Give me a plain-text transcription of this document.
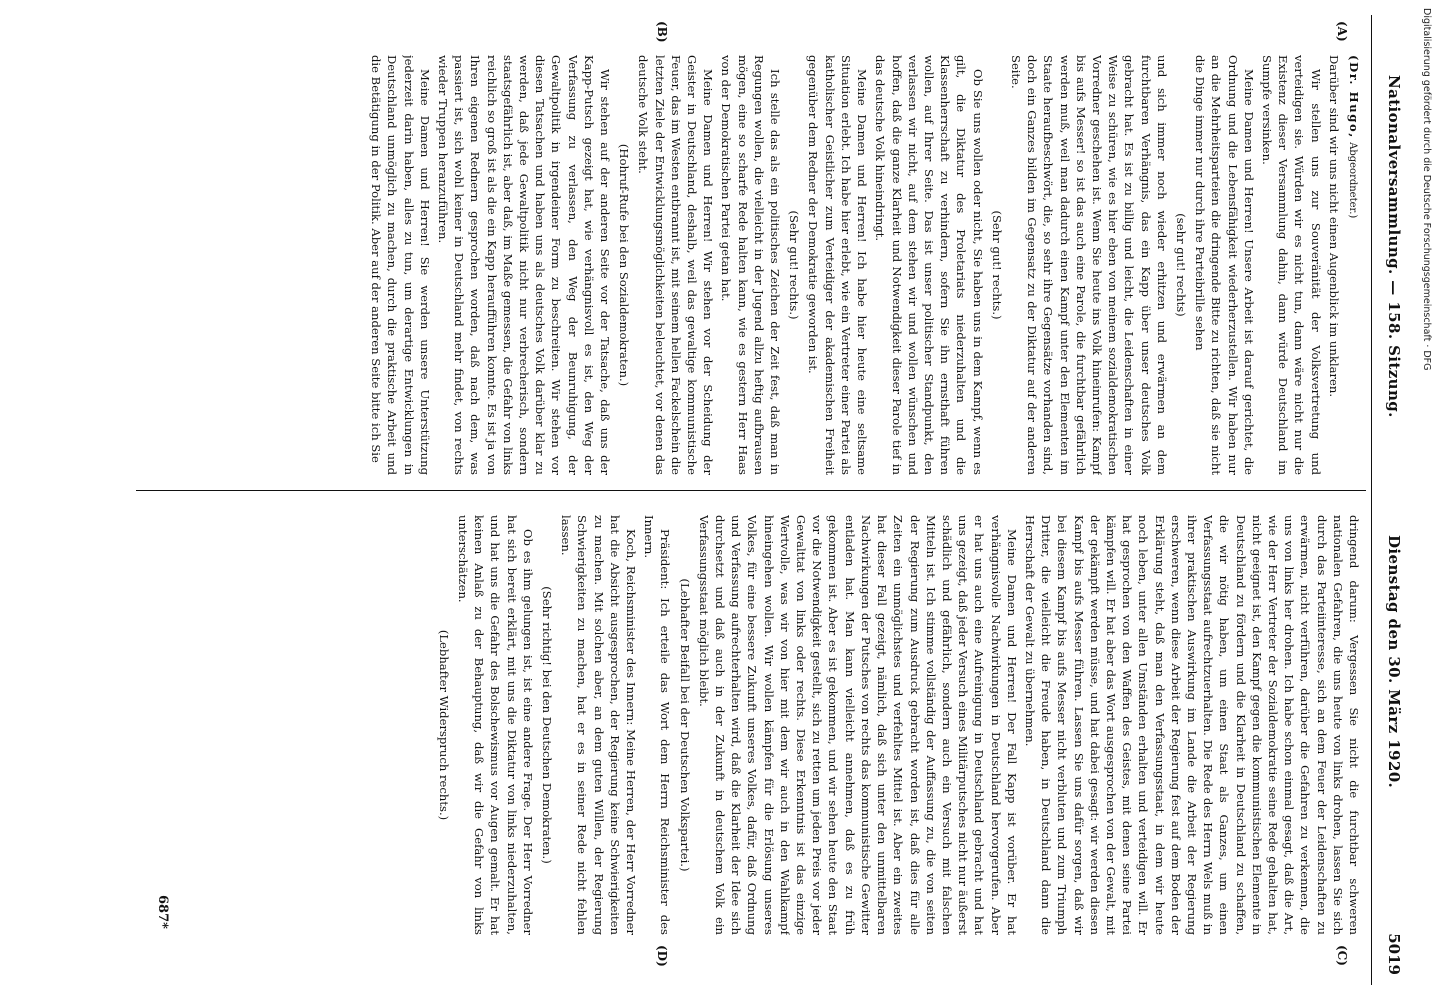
Nationalversammlung. — 158. Sitzung.
Dienstag den 30. März 1920.
5019
(A)
(B)
(C)
(D)

(Dr. Hugo, Abgeordneter.)

Darüber sind wir uns nicht einen Augenblick im unklaren.

Wir stellen uns zur Souveränität der Volksvertretung und verteidigen sie. Würden wir es nicht tun, dann wäre nicht nur die Existenz dieser Versammlung dahin, dann würde Deutschland im Sumpfe versinken.

Meine Damen und Herren! Unsere Arbeit ist darauf gerichtet, die Ordnung und die Lebensfähigkeit wiederherzustellen. Wir haben nur an die Mehrheitsparteien die dringende Bitte zu richten, daß sie nicht die Dinge immer nur durch ihre Parteibrille sehen

(sehr gut! rechts)

und sich immer noch wieder erhitzen und erwärmen an dem furchtbaren Verhängnis, das ein Kapp über unser deutsches Volk gebracht hat. Es ist zu billig und leicht, die Leidenschaften in einer Weise zu schüren, wie es hier eben von meinem sozialdemokratischen Vorredner geschehen ist. Wenn Sie heute ins Volk hineinrufen: Kampf bis aufs Messer! so ist das auch eine Parole, die furchtbar gefährlich werden muß, weil man dadurch einen Kampf unter den Elementen im Staate heraufbeschwört, die, so sehr ihre Gegensätze vorhanden sind, doch ein Ganzes bilden im Gegensatz zu der Diktatur auf der anderen Seite.

(Sehr gut! rechts.)

Ob Sie uns wollen oder nicht, Sie haben uns in dem Kampf, wenn es gilt, die Diktatur des Proletariats niederzuhalten und die Klassenherrschaft zu verhindern, sofern Sie ihn ernsthaft führen wollen, auf Ihrer Seite. Das ist unser politischer Standpunkt, den verlassen wir nicht, auf dem stehen wir und wollen wünschen und hoffen, daß die ganze Klarheit und Notwendigkeit dieser Parole tief in das deutsche Volk hineindringt.

Meine Damen und Herren! Ich habe hier heute eine seltsame Situation erlebt. Ich habe hier erlebt, wie ein Vertreter einer Partei als katholischer Geistlicher zum Verteidiger der akademischen Freiheit gegenüber dem Redner der Demokratie geworden ist.

(Sehr gut! rechts.)

Ich stelle das als ein politisches Zeichen der Zeit fest, daß man in Regungen wollen, die vielleicht in der Jugend allzu heftig aufbrausen mögen, eine so scharfe Rede halten kann, wie es gestern Herr Haas von der Demokratischen Partei getan hat.

Meine Damen und Herren! Wir stehen vor der Scheidung der Geister in Deutschland, deshalb, weil das gewaltige kommunistische Feuer, das im Westen entbrannt ist, mit seinem hellen Fackelschein die letzten Ziele der Entwicklungsmöglichkeiten beleuchtet, vor denen das deutsche Volk steht.

(Hohruf-Rufe bei den Sozialdemokraten.)

Wir stehen auf der anderen Seite vor der Tatsache, daß uns der Kapp-Putsch gezeigt hat, wie verhängnisvoll es ist, den Weg der Verfassung zu verlassen, den Weg der Beunruhigung, der Gewaltpolitik in irgendeiner Form zu beschreiten. Wir stehen vor diesen Tatsachen und haben uns als deutsches Volk darüber klar zu werden, daß jede Gewaltpolitik nicht nur verbrecherisch, sondern staatsgefährlich ist, aber daß, im Maße gemessen, die Gefahr von links reichlich so groß ist als die ein Kapp heraufführen konnte. Es ist ja von Ihren eigenen Rednern gesprochen worden, daß nach dem, was passiert ist, sich wohl keiner in Deutschland mehr findet, von rechts wieder Truppen heranzuführen.

Meine Damen und Herren! Sie werden unsere Unterstützung jederzeit darin haben, alles zu tun, um derartige Entwicklungen in Deutschland unmöglich zu machen, durch die praktische Arbeit und die Betätigung in der Politik. Aber auf der anderen Seite bitte ich Sie

dringend darum: Vergessen Sie nicht die furchtbar schweren nationalen Gefahren, die uns heute von links drohen, lassen Sie sich durch das Parteiinteresse, sich an dem Feuer der Leidenschaften zu erwärmen, nicht verführen, darüber die Gefahren zu verkennen, die uns von links her drohen. Ich habe schon einmal gesagt, daß die Art, wie der Herr Vertreter der Sozialdemokratie seine Rede gehalten hat, nicht geeignet ist, den Kampf gegen die kommunistischen Elemente in Deutschland zu fördern und die Klarheit in Deutschland zu schaffen, die wir nötig haben, um einen Staat als Ganzes, um einen Verfassungsstaat aufrechtzuerhalten. Die Rede des Herrn Wels muß in ihrer praktischen Auswirkung im Lande die Arbeit der Regierung erschweren, wenn diese Arbeit der Regierung fest auf dem Boden der Erklärung steht, daß man den Verfassungsstaat, in dem wir heute noch leben, unter allen Umständen erhalten und verteidigen will. Er hat gesprochen von den Waffen des Geistes, mit denen seine Partei kämpfen will. Er hat aber das Wort ausgesprochen von der Gewalt, mit der gekämpft werden müsse, und hat dabei gesagt: wir werden diesen Kampf bis aufs Messer führen. Lassen Sie uns dafür sorgen, daß wir bei diesem Kampf bis aufs Messer nicht verbluten und zum Triumph Dritter, die vielleicht die Freude haben, in Deutschland dann die Herrschaft der Gewalt zu übernehmen.

Meine Damen und Herren! Der Fall Kapp ist vorüber. Er hat verhängnisvolle Nachwirkungen in Deutschland hervorgerufen. Aber er hat uns auch eine Aufreinigung in Deutschland gebracht und hat uns gezeigt, daß jeder Versuch eines Militärputsches nicht nur äußerst schädlich und gefährlich, sondern auch ein Versuch mit falschen Mitteln ist. Ich stimme vollständig der Auffassung zu, die von seiten der Regierung zum Ausdruck gebracht worden ist, daß dies für alle Zeiten ein unmöglichstes und verfehltes Mittel ist. Aber ein zweites hat dieser Fall gezeigt, nämlich, daß sich unter den unmittelbaren Nachwirkungen der Putsches von rechts das kommunistische Gewitter entladen hat. Man kann vielleicht annehmen, daß es zu früh gekommen ist. Aber es ist gekommen, und wir sehen heute den Staat vor die Notwendigkeit gestellt, sich zu retten um jeden Preis vor jeder Gewalttat von links oder rechts. Diese Erkenntnis ist das einzige Wertvolle, was wir von hier mit dem wir auch in den Wahlkampf hineingehen wollen. Wir wollen kämpfen für die Erlösung unseres Volkes, für eine bessere Zukunft unseres Volkes, dafür, daß Ordnung und Verfassung aufrechterhalten wird, daß die Klarheit der Idee sich durchsetzt und daß auch in der Zukunft in deutschem Volk ein Verfassungsstaat möglich bleibt.

(Lebhafter Beifall bei der Deutschen Volkspartei.)

Präsident: Ich erteile das Wort dem Herrn Reichsminister des Innern.

Koch, Reichsminister des Innern: Meine Herren, der Herr Vorredner hat die Absicht ausgesprochen, der Regierung keine Schwierigkeiten zu machen. Mit solchen aber, an dem guten Willen, der Regierung Schwierigkeiten zu machen, hat er es in seiner Rede nicht fehlen lassen.

(Sehr richtig! bei den Deutschen Demokraten.)

Ob es ihm gelungen ist, ist eine andere Frage. Der Herr Vorredner hat sich bereit erklärt, mit uns die Diktatur von links niederzuhalten, und hat uns die Gefahr des Bolschewismus vor Augen gemalt. Er hat keinen Anlaß zu der Behauptung, daß wir die Gefahr von links unterschätzen.

(Lebhafter Widerspruch rechts.)

687*
Digitalisierung gefördert durch die Deutsche Forschungsgemeinschaft · DFG
